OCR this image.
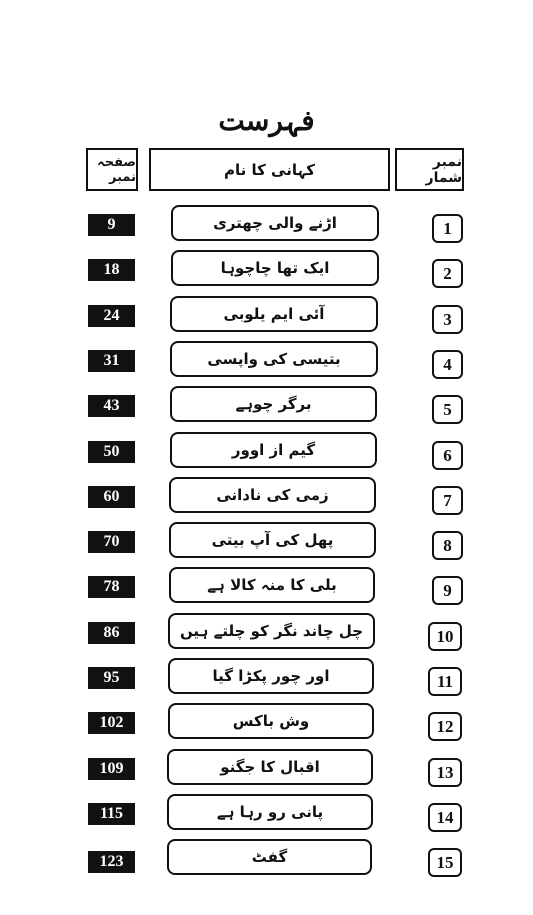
فہرست
صفحہ نمبر	کہانی کا نام	نمبر شمار
9	اڑنے والی چھتری	1
18	ایک تھا چاچوہا	2
24	آئی ایم یلوبی	3
31	بتیسی کی واپسی	4
43	برگر چوہے	5
50	گیم از اوور	6
60	زمی کی نادانی	7
70	پھل کی آپ بیتی	8
78	بلی کا منہ کالا ہے	9
86	چل چاند نگر کو چلتے ہیں	10
95	اور چور پکڑا گیا	11
102	وش باکس	12
109	اقبال کا جگنو	13
115	پانی رو رہا ہے	14
123	گفٹ	15
